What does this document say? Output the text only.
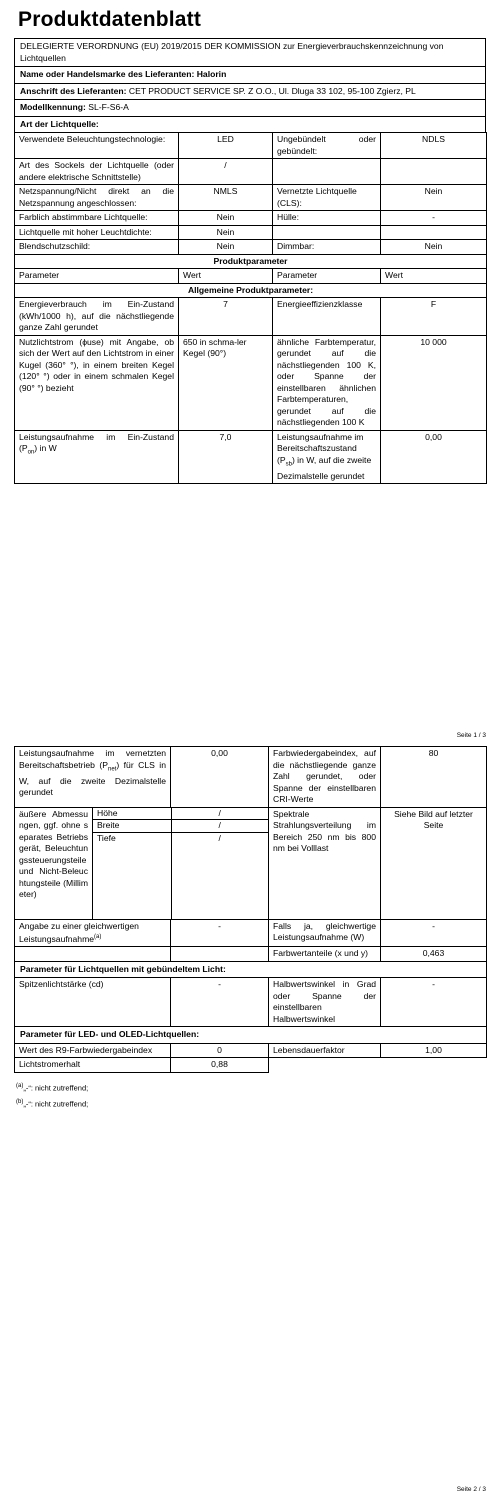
Produktdatenblatt
DELEGIERTE VERORDNUNG (EU) 2019/2015 DER KOMMISSION zur Energieverbrauchskennzeichnung von Lichtquellen
Name oder Handelsmarke des Lieferanten: Halorin
Anschrift des Lieferanten: CET PRODUCT SERVICE SP. Z O.O., Ul. Dluga 33 102, 95-100 Zgierz, PL
Modellkennung: SL-F-S6-A
Art der Lichtquelle:
Verwendete Beleuchtungstechnologie:	LED	Ungebündelt oder gebündelt:	NDLS
Art des Sockels der Lichtquelle (oder andere elektrische Schnittstelle)	/		
Netzspannung/Nicht direkt an die Netzspannung angeschlossen:	NMLS	Vernetzte Lichtquelle (CLS):	Nein
Farblich abstimmbare Lichtquelle:	Nein	Hülle:	-
Lichtquelle mit hoher Leuchtdichte:	Nein		
Blendschutzschild:	Nein	Dimmbar:	Nein
Produktparameter			
Parameter	Wert	Parameter	Wert
Allgemeine Produktparameter:			
Energieverbrauch im Ein-Zustand (kWh/1000 h), auf die nächstliegende ganze Zahl gerundet	7	Energieeffizienzklasse	F
Nutzlichtstrom (ϕuse) mit Angabe, ob sich der Wert auf den Lichtstrom in einer Kugel (360° °), in einem breiten Kegel (120° °) oder in einem schmalen Kegel (90° °) bezieht	650 in schma-ler Kegel (90°)	ähnliche Farbtemperatur, gerundet auf die nächstliegenden 100 K, oder Spanne der einstellbaren ähnlichen Farbtemperaturen, gerundet auf die nächstliegenden 100 K	10 000
Leistungsaufnahme im Ein-Zustand $(P_{on})$ in W	7,0	Leistungsaufnahme im Bereitschaftszustand $(P_{sb})$ in W, auf die zweite Dezimalstelle gerundet	0,00
Seite 1 / 3
Leistungsaufnahme im vernetzten Bereitschaftsbetrieb $(P_{net})$ für CLS in W, auf die zweite Dezimalstelle gerundet	0,00	Farbwiedergabeindex, auf die nächstliegende ganze Zahl gerundet, oder Spanne der einstellbaren CRI-Werte	80
äußere Abmessungen, ggf. ohne separates Betriebsgerät, Beleuchtungssteuerungsteile und Nicht-Beleuchtungsteile (Millimeter)	
Höhe	/
Breite	/
Tiefe	/
	Spektrale Strahlungsverteilung im Bereich 250 nm bis 800 nm bei Volllast	Siehe Bild auf letzter Seite
Angabe zu einer gleichwertigen Leistungsaufnahme$^{(a)}$	-	Falls ja, gleichwertige Leistungsaufnahme (W)	-
		Farbwertanteile (x und y)	0,463
Parameter für Lichtquellen mit gebündeltem Licht:
Spitzenlichtstärke (cd)	-	Halbwertswinkel in Grad oder Spanne der einstellbaren Halbwertswinkel	-
Parameter für LED- und OLED-Lichtquellen:
Wert des R9-Farbwiedergabeindex	0	Lebensdauerfaktor	1,00
Lichtstromerhalt	0,88		
$^{(a)}$„-“: nicht zutreffend;
$^{(b)}$„-“: nicht zutreffend;
Seite 2 / 3
